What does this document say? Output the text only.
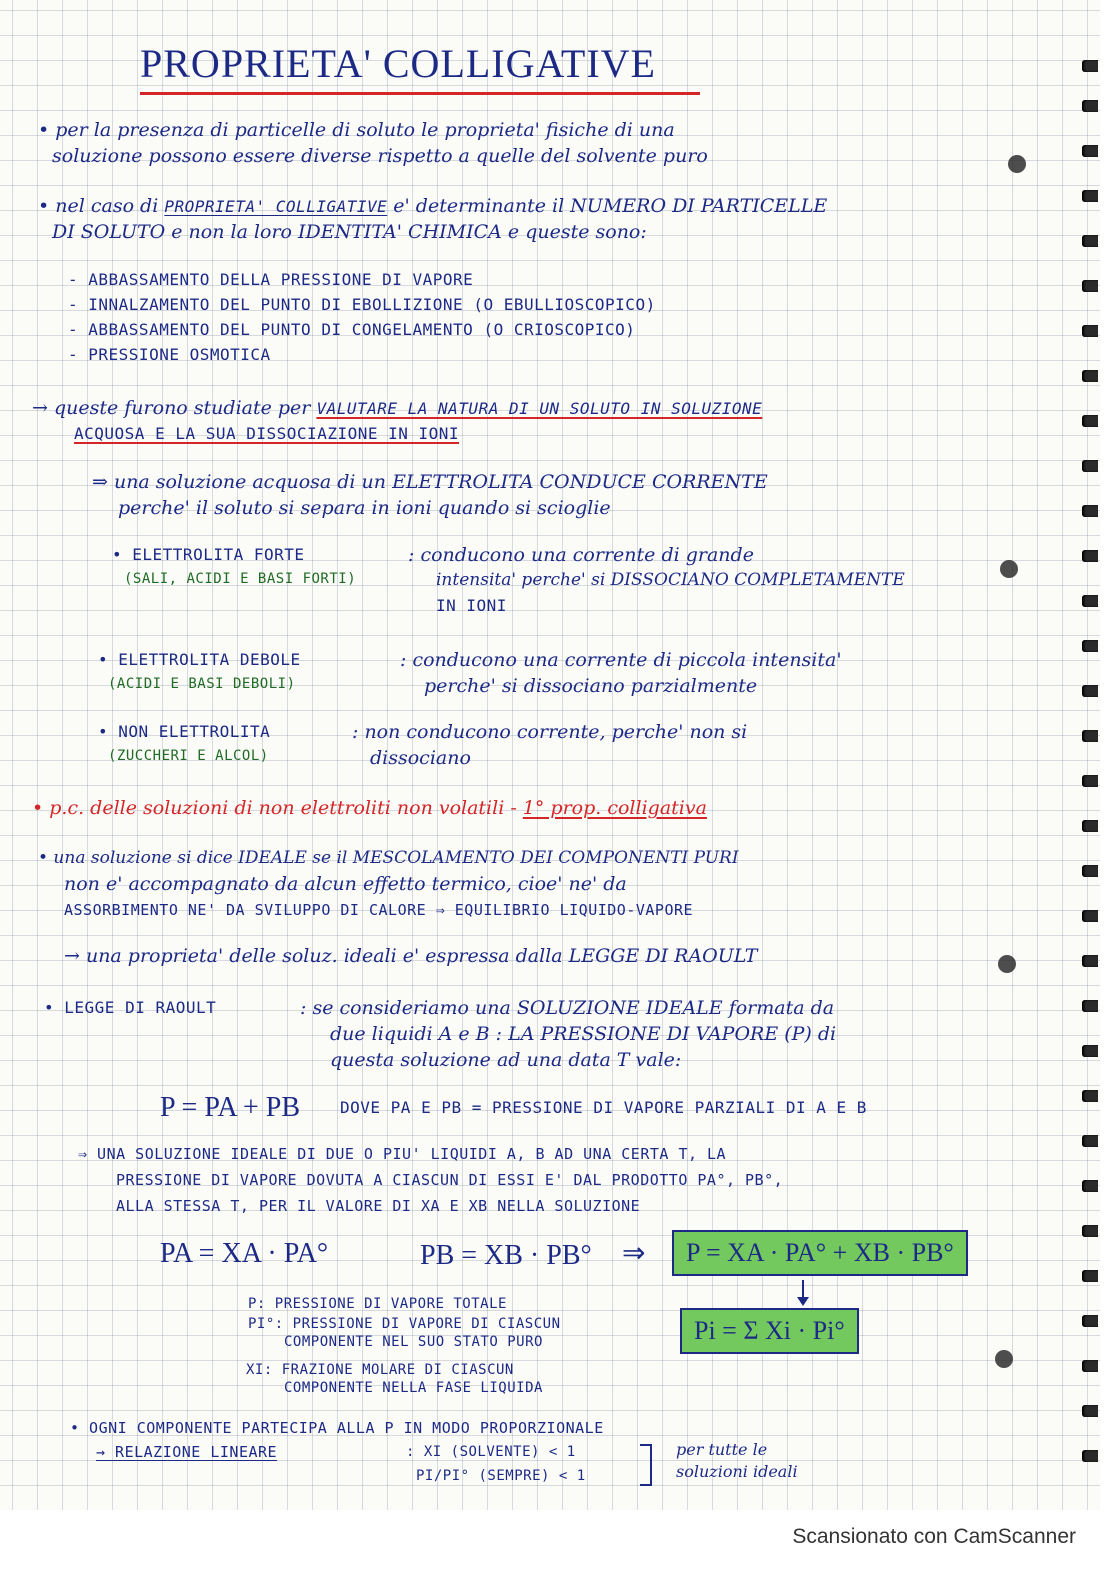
PROPRIETA' COLLIGATIVE
• per la presenza di particelle di soluto le proprieta' fisiche di una
soluzione possono essere diverse rispetto a quelle del solvente puro
• nel caso di PROPRIETA' COLLIGATIVE e' determinante il NUMERO DI PARTICELLE
DI SOLUTO e non la loro IDENTITA' CHIMICA e queste sono:
- ABBASSAMENTO DELLA PRESSIONE DI VAPORE
- INNALZAMENTO DEL PUNTO DI EBOLLIZIONE (O EBULLIOSCOPICO)
- ABBASSAMENTO DEL PUNTO DI CONGELAMENTO (O CRIOSCOPICO)
- PRESSIONE OSMOTICA
→ queste furono studiate per VALUTARE LA NATURA DI UN SOLUTO IN SOLUZIONE
ACQUOSA E LA SUA DISSOCIAZIONE IN IONI
⇒ una soluzione acquosa di un ELETTROLITA CONDUCE CORRENTE
perche' il soluto si separa in ioni quando si scioglie
• ELETTROLITA FORTE
(SALI, ACIDI E BASI FORTI)
: conducono una corrente di grande
intensita' perche' si DISSOCIANO COMPLETAMENTE
IN IONI
• ELETTROLITA DEBOLE
(ACIDI E BASI DEBOLI)
: conducono una corrente di piccola intensita'
perche' si dissociano parzialmente
• NON ELETTROLITA
(ZUCCHERI E ALCOL)
: non conducono corrente, perche' non si
dissociano
• p.c. delle soluzioni di non elettroliti non volatili - 1° prop. colligativa
• una soluzione si dice IDEALE se il MESCOLAMENTO DEI COMPONENTI PURI
non e' accompagnato da alcun effetto termico, cioe' ne' da
ASSORBIMENTO NE' DA SVILUPPO DI CALORE ⇒ EQUILIBRIO LIQUIDO-VAPORE
→ una proprieta' delle soluz. ideali e' espressa dalla LEGGE DI RAOULT
• LEGGE DI RAOULT	: se consideriamo una SOLUZIONE IDEALE formata da
due liquidi A e B : LA PRESSIONE DI VAPORE (P) di
questa soluzione ad una data T vale:
P = PA + PB DOVE PA E PB = PRESSIONE DI VAPORE PARZIALI DI A E B
⇒ UNA SOLUZIONE IDEALE DI DUE O PIU' LIQUIDI A, B AD UNA CERTA T, LA
PRESSIONE DI VAPORE DOVUTA A CIASCUN DI ESSI E' DAL PRODOTTO PA°, PB°,
ALLA STESSA T, PER IL VALORE DI XA E XB NELLA SOLUZIONE
PA = XA · PA°	PB = XB · PB° ⇒	P = XA · PA° + XB · PB°
Pi = Σ Xi · Pi°
P: PRESSIONE DI VAPORE TOTALE
PI°: PRESSIONE DI VAPORE DI CIASCUN
COMPONENTE NEL SUO STATO PURO
XI: FRAZIONE MOLARE DI CIASCUN
COMPONENTE NELLA FASE LIQUIDA
• OGNI COMPONENTE PARTECIPA ALLA P IN MODO PROPORZIONALE
→ RELAZIONE LINEARE	: XI (SOLVENTE) < 1
PI/PI° (SEMPRE) < 1
per tutte le
soluzioni ideali
Scansionato con CamScanner
